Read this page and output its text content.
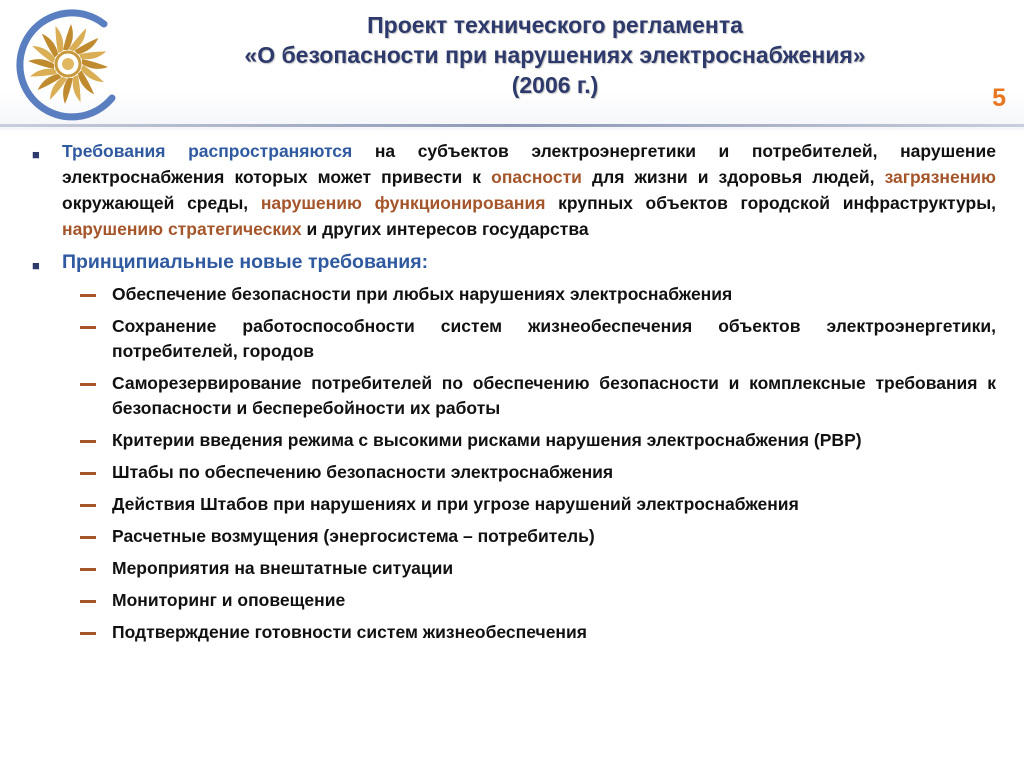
Проект технического регламента
«О безопасности при нарушениях электроснабжения»
(2006 г.)	5
■ Требования распространяются на субъектов электроэнергетики и потребителей, нарушение электроснабжения которых может привести к опасности для жизни и здоровья людей, загрязнению окружающей среды, нарушению функционирования крупных объектов городской инфраструктуры, нарушению стратегических и других интересов государства
■ Принципиальные новые требования:
Обеспечение безопасности при любых нарушениях электроснабжения
Сохранение работоспособности систем жизнеобеспечения объектов электроэнергетики, потребителей, городов
Саморезервирование потребителей по обеспечению безопасности и комплексные требования к безопасности и бесперебойности их работы
Критерии введения режима с высокими рисками нарушения электроснабжения (РВР)
Штабы по обеспечению безопасности электроснабжения
Действия Штабов при нарушениях и при угрозе нарушений электроснабжения
Расчетные возмущения (энергосистема – потребитель)
Мероприятия на внештатные ситуации
Мониторинг и оповещение
Подтверждение готовности систем жизнеобеспечения
